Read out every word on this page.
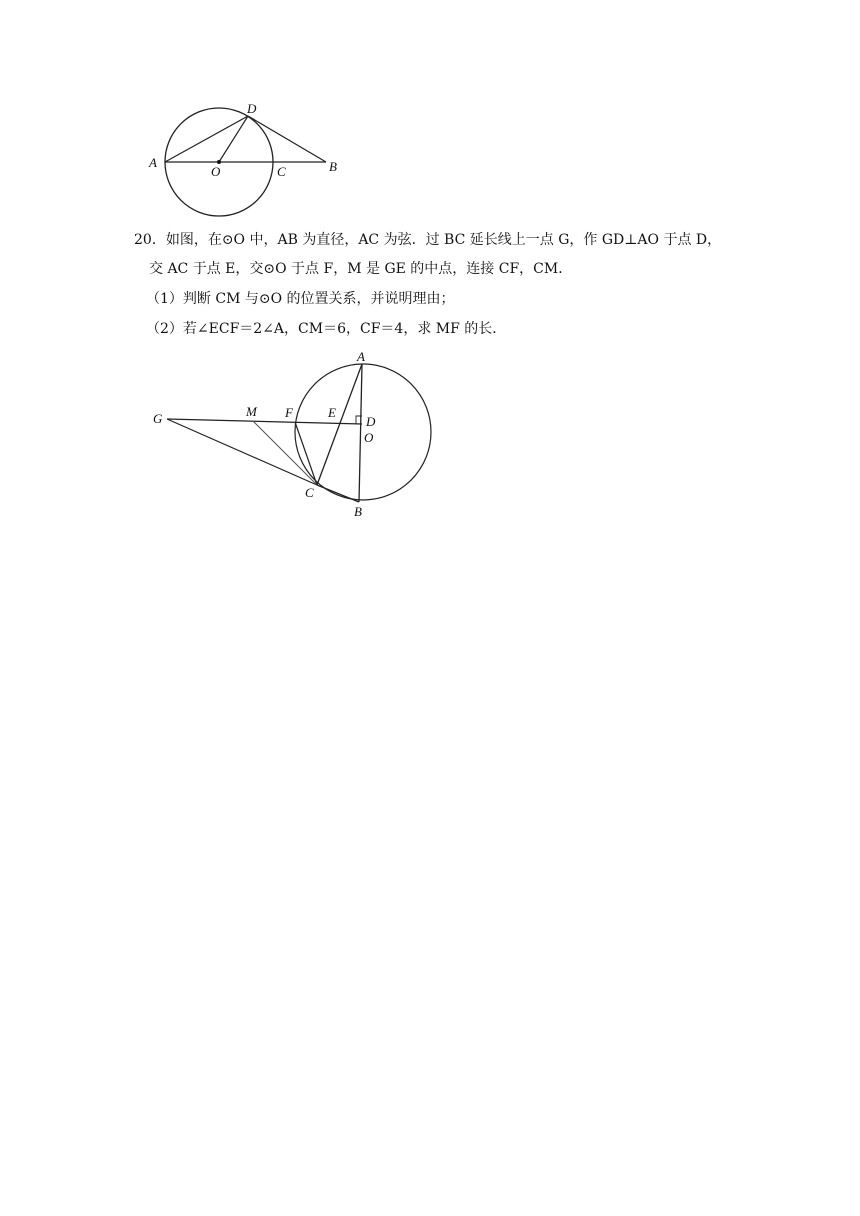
A
D
O	C	B
20．如图，在⊙O 中，AB 为直径，AC 为弦．过 BC 延长线上一点 G，作 GD⊥AO 于点 D，
交 AC 于点 E，交⊙O 于点 F，M 是 GE 的中点，连接 CF，CM．
（1）判断 CM 与⊙O 的位置关系，并说明理由；
（2）若∠ECF＝2∠A，CM＝6，CF＝4，求 MF 的长．
A
G	M F	E
D
O
C
B
